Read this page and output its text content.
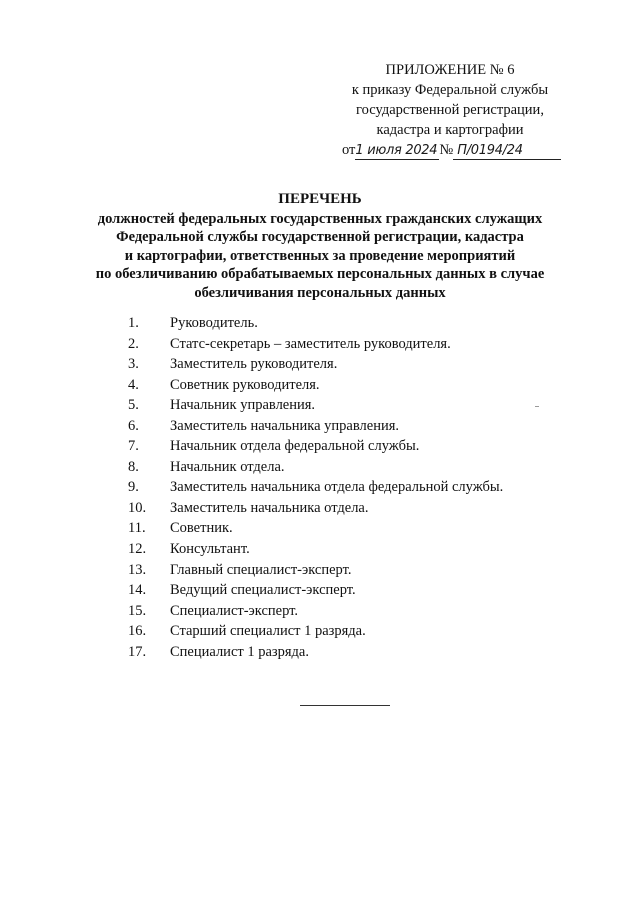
ПРИЛОЖЕНИЕ № 6
к приказу Федеральной службы
государственной регистрации,
кадастра и картографии
от1 июля 2024 № П/0194/24
ПЕРЕЧЕНЬ
должностей федеральных государственных гражданских служащих
Федеральной службы государственной регистрации, кадастра
и картографии, ответственных за проведение мероприятий
по обезличиванию обрабатываемых персональных данных в случае
обезличивания персональных данных
1. Руководитель.
2. Статс-секретарь – заместитель руководителя.
3. Заместитель руководителя.
4. Советник руководителя.
5. Начальник управления.
6. Заместитель начальника управления.
7. Начальник отдела федеральной службы.
8. Начальник отдела.
9. Заместитель начальника отдела федеральной службы.
10. Заместитель начальника отдела.
11. Советник.
12. Консультант.
13. Главный специалист-эксперт.
14. Ведущий специалист-эксперт.
15. Специалист-эксперт.
16. Старший специалист 1 разряда.
17. Специалист 1 разряда.
